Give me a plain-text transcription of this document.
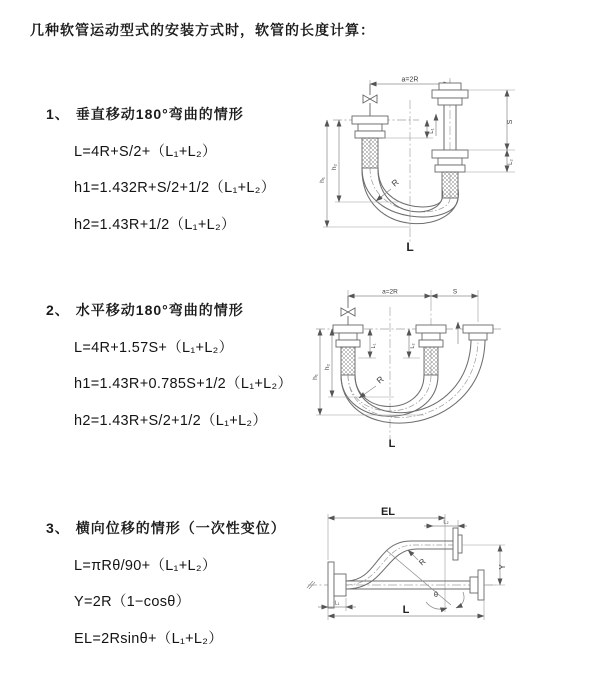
几种软管运动型式的安装方式时，软管的长度计算：
1、 垂直移动180°弯曲的情形
L=4R+S/2+（L₁+L₂）
h1=1.432R+S/2+1/2（L₁+L₂）
h2=1.43R+1/2（L₁+L₂）
a=2R
L₁
S
L₂
h₁
h₂
R
L
2、 水平移动180°弯曲的情形
L=4R+1.57S+（L₁+L₂）
h1=1.43R+0.785S+1/2（L₁+L₂）
h2=1.43R+S/2+1/2（L₁+L₂）
a=2R	S
L₁	L₂
h₁
h₂
R
L
3、 横向位移的情形（一次性变位）
L=πRθ/90+（L₁+L₂）
Y=2R（1−cosθ）
EL=2Rsinθ+（L₁+L₂）
EL
L₂
Y
R
θ
L
L₁
